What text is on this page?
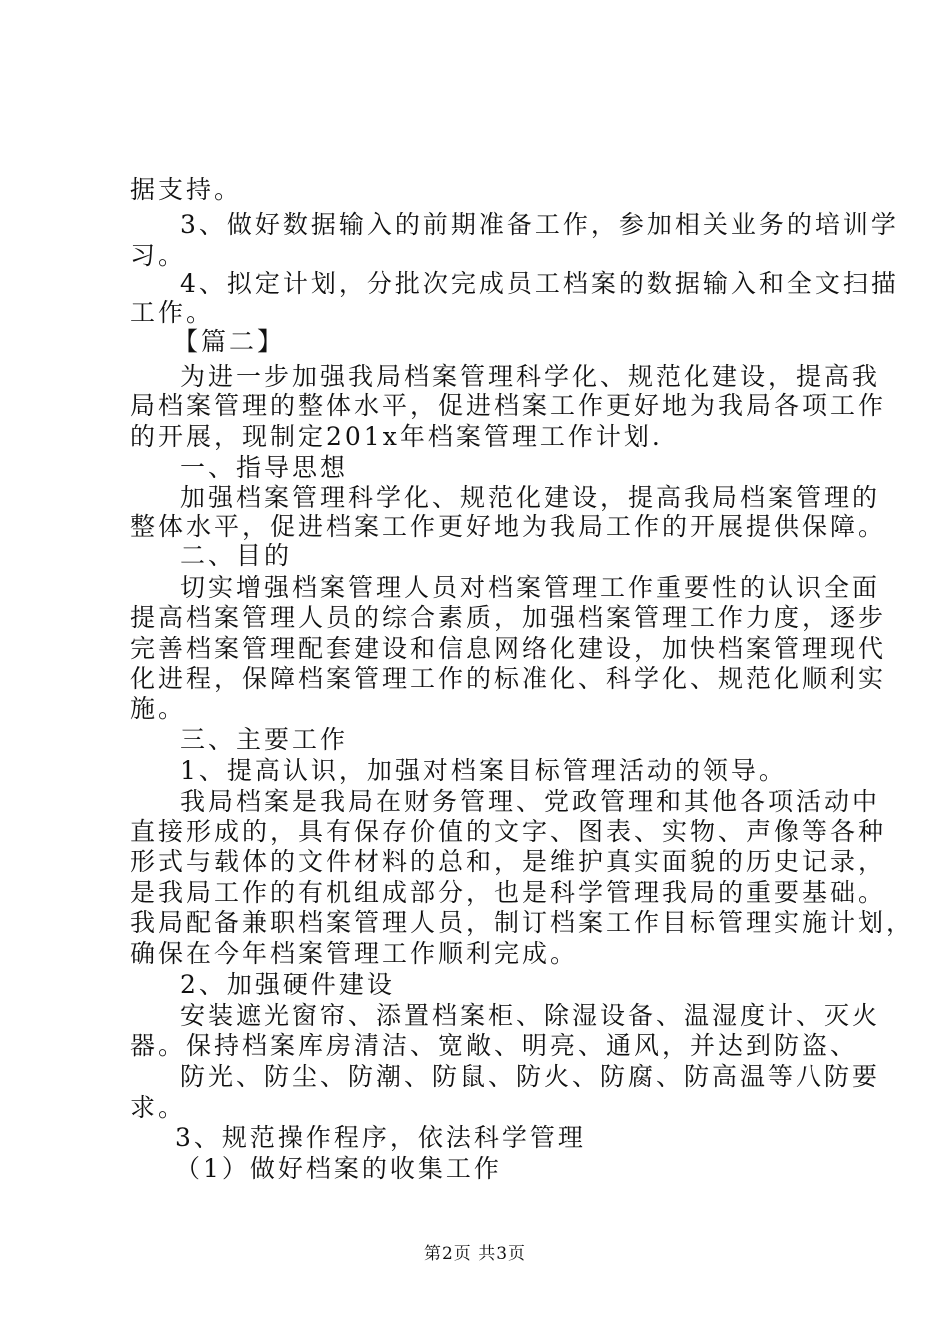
据支持。
3、做好数据输入的前期准备工作，参加相关业务的培训学
习。
4、拟定计划，分批次完成员工档案的数据输入和全文扫描
工作。
【篇二】
为进一步加强我局档案管理科学化、规范化建设，提高我
局档案管理的整体水平，促进档案工作更好地为我局各项工作
的开展，现制定201x年档案管理工作计划.
一、指导思想
加强档案管理科学化、规范化建设，提高我局档案管理的
整体水平，促进档案工作更好地为我局工作的开展提供保障。
二、目的
切实增强档案管理人员对档案管理工作重要性的认识全面
提高档案管理人员的综合素质，加强档案管理工作力度，逐步
完善档案管理配套建设和信息网络化建设，加快档案管理现代
化进程，保障档案管理工作的标准化、科学化、规范化顺利实
施。
三、主要工作
1、提高认识，加强对档案目标管理活动的领导。
我局档案是我局在财务管理、党政管理和其他各项活动中
直接形成的，具有保存价值的文字、图表、实物、声像等各种
形式与载体的文件材料的总和，是维护真实面貌的历史记录，
是我局工作的有机组成部分，也是科学管理我局的重要基础。
我局配备兼职档案管理人员，制订档案工作目标管理实施计划，
确保在今年档案管理工作顺利完成。
2、加强硬件建设
安装遮光窗帘、添置档案柜、除湿设备、温湿度计、灭火
器。保持档案库房清洁、宽敞、明亮、通风，并达到防盗、
防光、防尘、防潮、防鼠、防火、防腐、防高温等八防要
求。
3、规范操作程序，依法科学管理
（1）做好档案的收集工作
第2页 共3页
